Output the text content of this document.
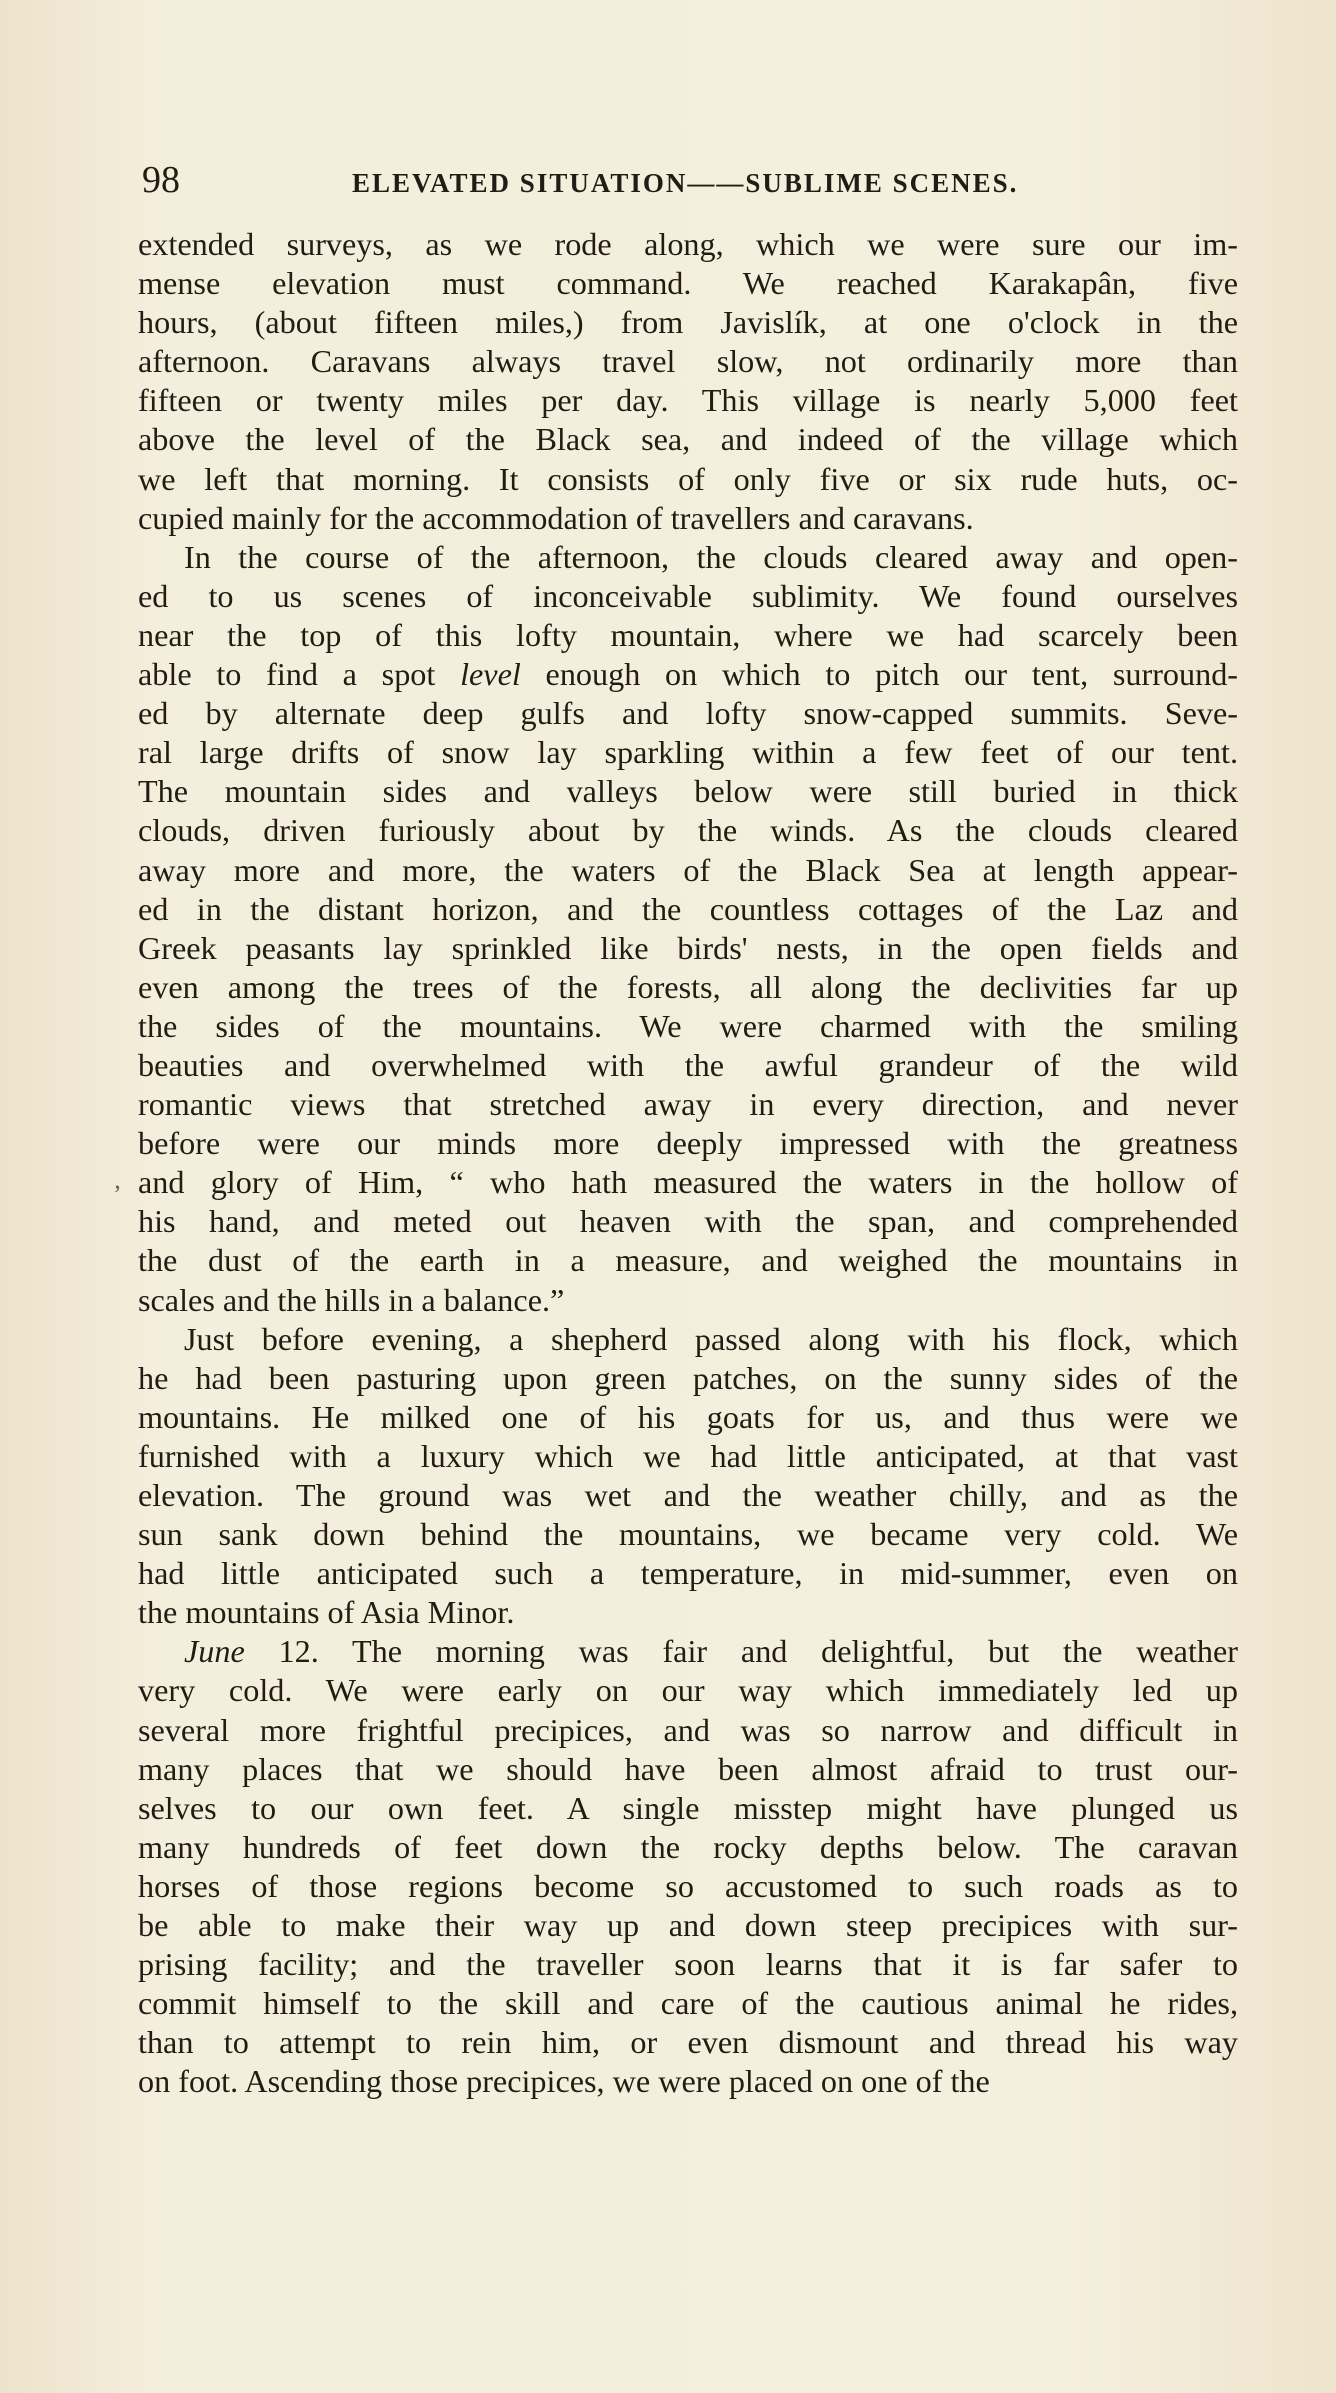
98	ELEVATED SITUATION——SUBLIME SCENES.
ʼ

extended surveys, as we rode along, which we were sure our im-

mense elevation must command. We reached Karakapân, five

hours, (about fifteen miles,) from Javislík, at one o'clock in the

afternoon. Caravans always travel slow, not ordinarily more than

fifteen or twenty miles per day. This village is nearly 5,000 feet

above the level of the Black sea, and indeed of the village which

we left that morning. It consists of only five or six rude huts, oc-

cupied mainly for the accommodation of travellers and caravans.

In the course of the afternoon, the clouds cleared away and open-

ed to us scenes of inconceivable sublimity. We found ourselves

near the top of this lofty mountain, where we had scarcely been

able to find a spot level enough on which to pitch our tent, surround-

ed by alternate deep gulfs and lofty snow-capped summits. Seve-

ral large drifts of snow lay sparkling within a few feet of our tent.

The mountain sides and valleys below were still buried in thick

clouds, driven furiously about by the winds. As the clouds cleared

away more and more, the waters of the Black Sea at length appear-

ed in the distant horizon, and the countless cottages of the Laz and

Greek peasants lay sprinkled like birds' nests, in the open fields and

even among the trees of the forests, all along the declivities far up

the sides of the mountains. We were charmed with the smiling

beauties and overwhelmed with the awful grandeur of the wild

romantic views that stretched away in every direction, and never

before were our minds more deeply impressed with the greatness

and glory of Him, “ who hath measured the waters in the hollow of

his hand, and meted out heaven with the span, and comprehended

the dust of the earth in a measure, and weighed the mountains in

scales and the hills in a balance.”

Just before evening, a shepherd passed along with his flock, which

he had been pasturing upon green patches, on the sunny sides of the

mountains. He milked one of his goats for us, and thus were we

furnished with a luxury which we had little anticipated, at that vast

elevation. The ground was wet and the weather chilly, and as the

sun sank down behind the mountains, we became very cold. We

had little anticipated such a temperature, in mid-summer, even on

the mountains of Asia Minor.

June 12. The morning was fair and delightful, but the weather

very cold. We were early on our way which immediately led up

several more frightful precipices, and was so narrow and difficult in

many places that we should have been almost afraid to trust our-

selves to our own feet. A single misstep might have plunged us

many hundreds of feet down the rocky depths below. The caravan

horses of those regions become so accustomed to such roads as to

be able to make their way up and down steep precipices with sur-

prising facility; and the traveller soon learns that it is far safer to

commit himself to the skill and care of the cautious animal he rides,

than to attempt to rein him, or even dismount and thread his way

on foot. Ascending those precipices, we were placed on one of the
